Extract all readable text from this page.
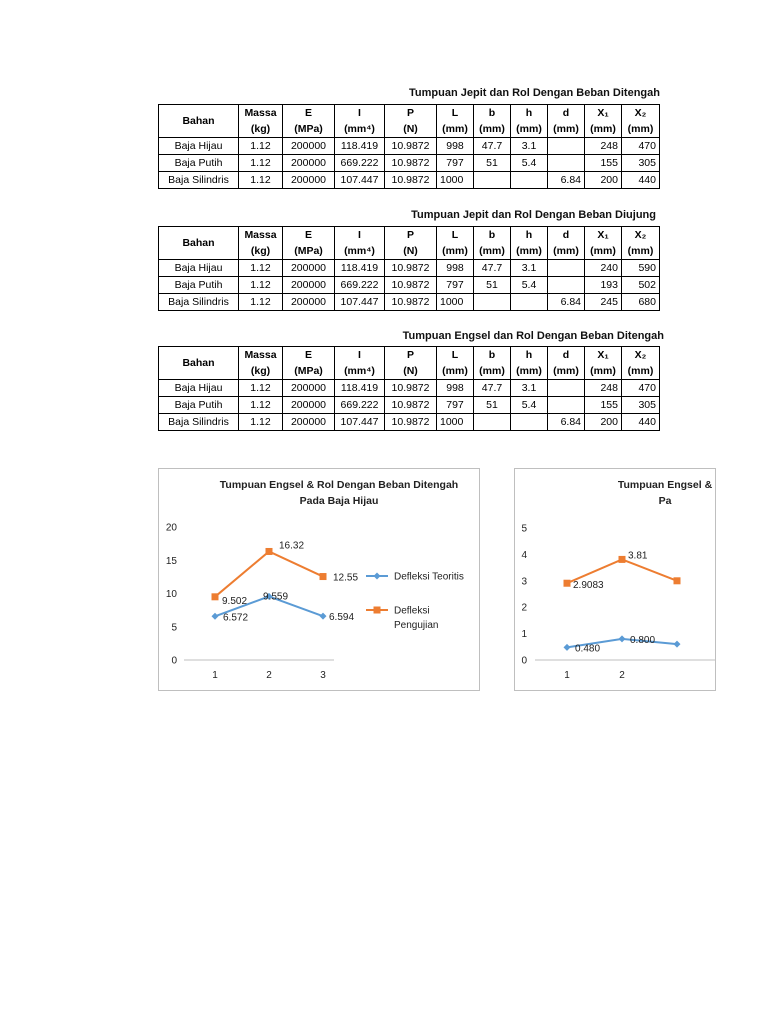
Tumpuan Jepit dan Rol Dengan Beban Ditengah
Bahan	Massa	E	I	P	L	b	h	d	X₁	X₂
	(kg)	(MPa)	(mm⁴)	(N)	(mm)	(mm)	(mm)	(mm)	(mm)	(mm)
Baja Hijau	1.12	200000	118.419	10.9872	998	47.7	3.1		248	470
Baja Putih	1.12	200000	669.222	10.9872	797	51	5.4		155	305
Baja Silindris	1.12	200000	107.447	10.9872	1000			6.84	200	440
Tumpuan Jepit dan Rol Dengan Beban Diujung
Bahan	Massa	E	I	P	L	b	h	d	X₁	X₂
	(kg)	(MPa)	(mm⁴)	(N)	(mm)	(mm)	(mm)	(mm)	(mm)	(mm)
Baja Hijau	1.12	200000	118.419	10.9872	998	47.7	3.1		240	590
Baja Putih	1.12	200000	669.222	10.9872	797	51	5.4		193	502
Baja Silindris	1.12	200000	107.447	10.9872	1000			6.84	245	680
Tumpuan Engsel dan Rol Dengan Beban Ditengah
Bahan	Massa	E	I	P	L	b	h	d	X₁	X₂
	(kg)	(MPa)	(mm⁴)	(N)	(mm)	(mm)	(mm)	(mm)	(mm)	(mm)
Baja Hijau	1.12	200000	118.419	10.9872	998	47.7	3.1		248	470
Baja Putih	1.12	200000	669.222	10.9872	797	51	5.4		155	305
Baja Silindris	1.12	200000	107.447	10.9872	1000			6.84	200	440
Tumpuan Engsel & Rol Dengan Beban Ditengah
Pada Baja Hijau
0
5
10
15
20
1	2	3
6.572
9.559
6.594
9.502
16.32
12.55	Defleksi Teoritis
Defleksi
Pengujian
Tumpuan Engsel &
Pa
0
1
2
3
4
5
1	2
0.480
0.800
2.9083
3.81
